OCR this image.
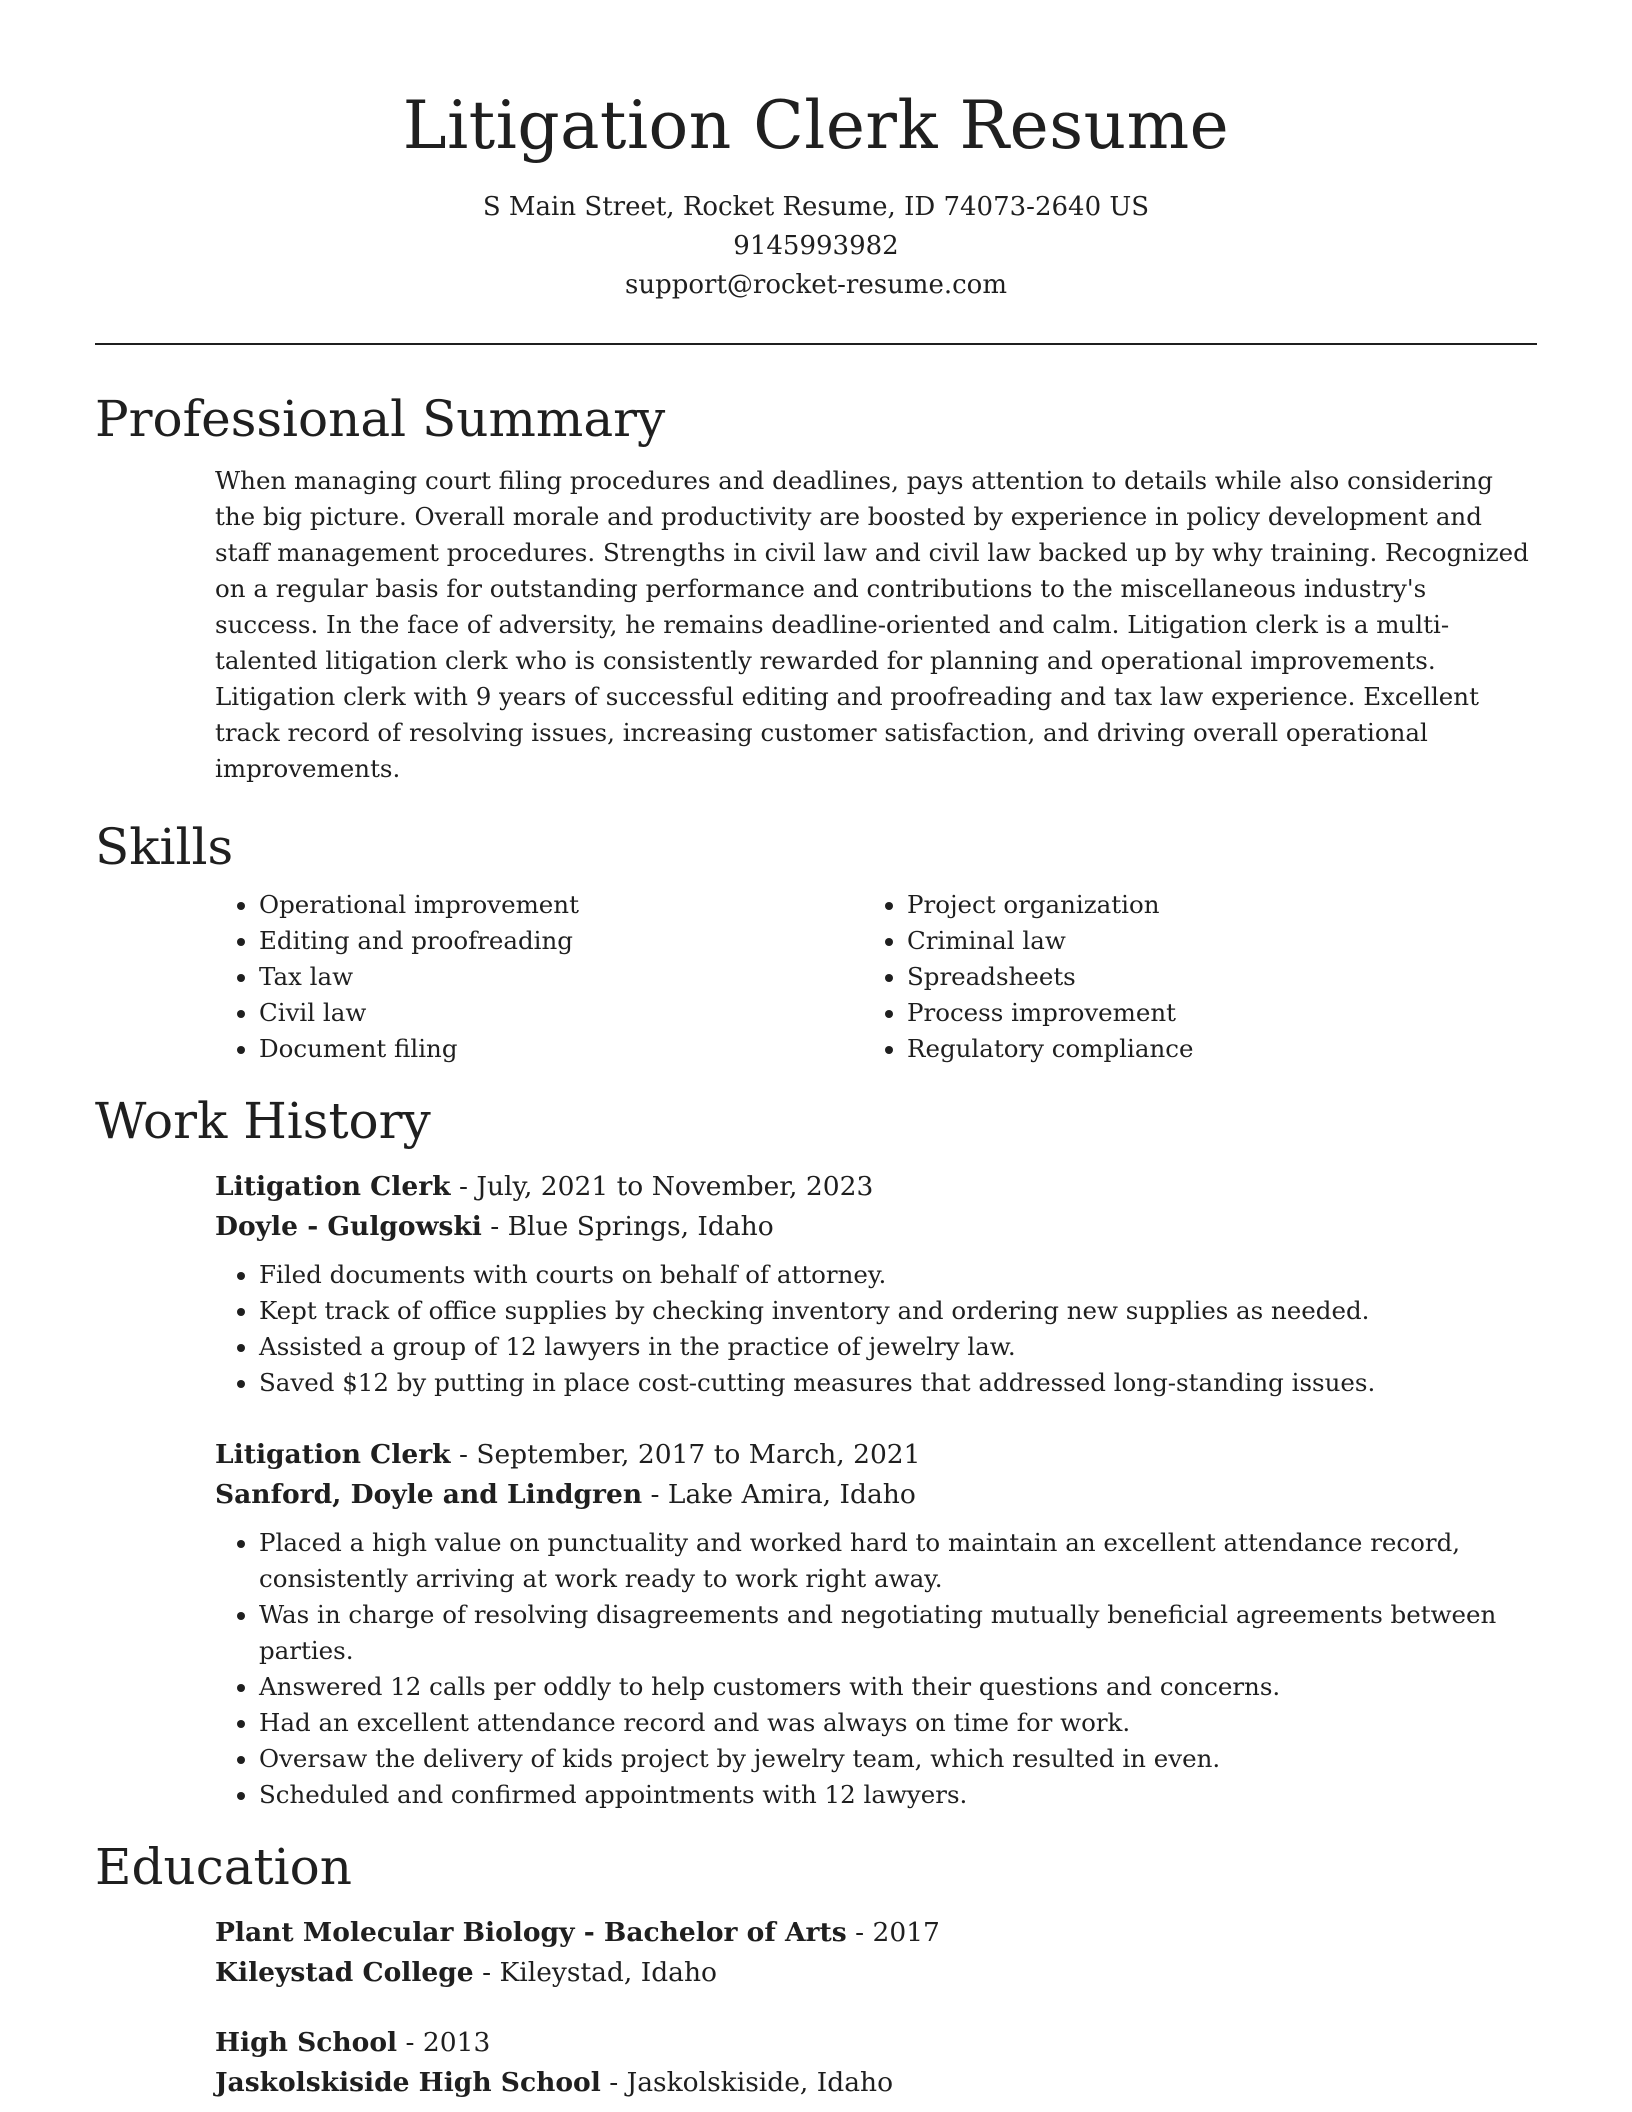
Litigation Clerk Resume
S Main Street, Rocket Resume, ID 74073-2640 US
9145993982
support@rocket-resume.com
Professional Summary

When managing court filing procedures and deadlines, pays attention to details while also considering the big picture. Overall morale and productivity are boosted by experience in policy development and staff management procedures. Strengths in civil law and civil law backed up by why training. Recognized on a regular basis for outstanding performance and contributions to the miscellaneous industry's success. In the face of adversity, he remains deadline-oriented and calm. Litigation clerk is a multi-talented litigation clerk who is consistently rewarded for planning and operational improvements. Litigation clerk with 9 years of successful editing and proofreading and tax law experience. Excellent track record of resolving issues, increasing customer satisfaction, and driving overall operational improvements.

Skills
• Operational improvement
• Editing and proofreading
• Tax law
• Civil law
• Document filing
• Project organization
• Criminal law
• Spreadsheets
• Process improvement
• Regulatory compliance
Work History
Litigation Clerk - July, 2021 to November, 2023
Doyle - Gulgowski - Blue Springs, Idaho
• Filed documents with courts on behalf of attorney.
• Kept track of office supplies by checking inventory and ordering new supplies as needed.
• Assisted a group of 12 lawyers in the practice of jewelry law.
• Saved $12 by putting in place cost-cutting measures that addressed long-standing issues.
Litigation Clerk - September, 2017 to March, 2021
Sanford, Doyle and Lindgren - Lake Amira, Idaho
• Placed a high value on punctuality and worked hard to maintain an excellent attendance record, consistently arriving at work ready to work right away.
• Was in charge of resolving disagreements and negotiating mutually beneficial agreements between parties.
• Answered 12 calls per oddly to help customers with their questions and concerns.
• Had an excellent attendance record and was always on time for work.
• Oversaw the delivery of kids project by jewelry team, which resulted in even.
• Scheduled and confirmed appointments with 12 lawyers.
Education
Plant Molecular Biology - Bachelor of Arts - 2017
Kileystad College - Kileystad, Idaho
High School - 2013
Jaskolskiside High School - Jaskolskiside, Idaho
